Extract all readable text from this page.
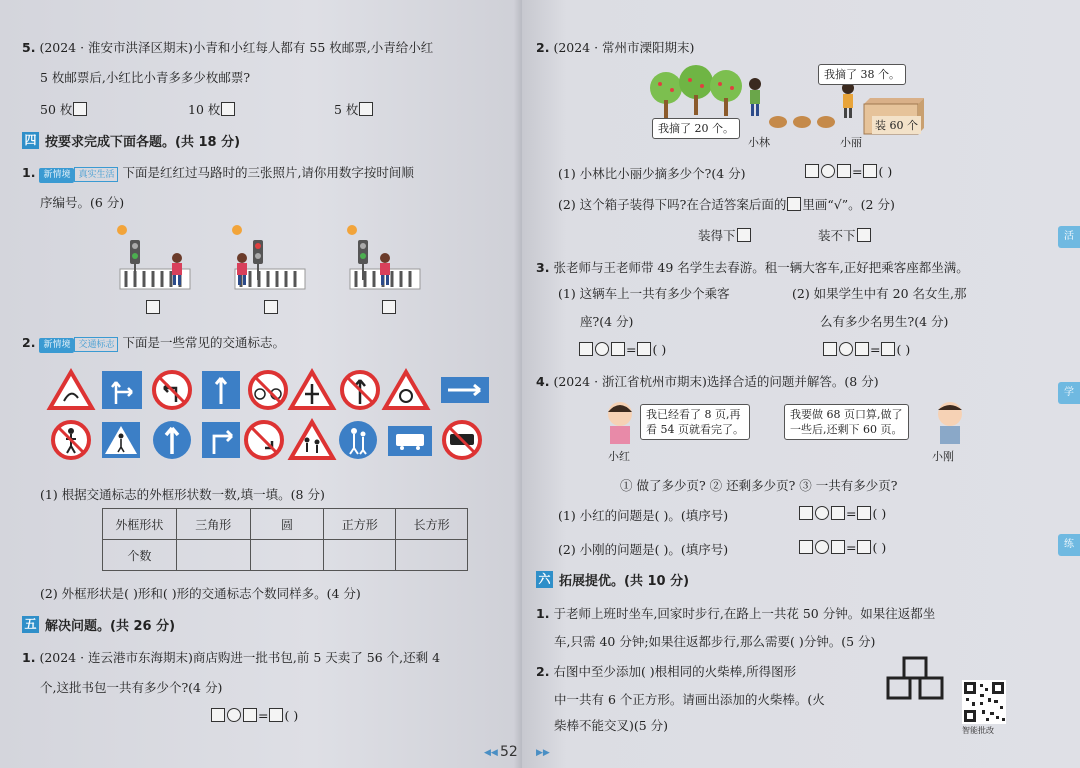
5. (2024 · 淮安市洪泽区期末)小青和小红每人都有 55 枚邮票,小青给小红
5 枚邮票后,小红比小青多多少枚邮票?
50 枚	10 枚	5 枚
四 按要求完成下面各题。(共 18 分)
1. 新情境 真实生活 下面是红红过马路时的三张照片,请你用数字按时间顺
序编号。(6 分)
2. 新情境 交通标志 下面是一些常见的交通标志。
(1) 根据交通标志的外框形状数一数,填一填。(8 分)
外框形状	三角形	圆	正方形	长方形
个数				
(2) 外框形状是( )形和( )形的交通标志个数同样多。(4 分)
五 解决问题。(共 26 分)
1. (2024 · 连云港市东海期末)商店购进一批书包,前 5 天卖了 56 个,还剩 4
个,这批书包一共有多少个?(4 分)
= ( )
2. (2024 · 常州市溧阳期末)
我摘了 20 个。
我摘了 38 个。
装 60 个
小林	小丽
(1) 小林比小丽少摘多少个?(4 分)	= ( )
(2) 这个箱子装得下吗?在合适答案后面的 里画“√”。(2 分)
装得下	装不下
3. 张老师与王老师带 49 名学生去春游。租一辆大客车,正好把乘客座都坐满。
(1) 这辆车上一共有多少个乘客
座?(4 分)
(2) 如果学生中有 20 名女生,那
么有多少名男生?(4 分)
= ( )	= ( )
4. (2024 · 浙江省杭州市期末)选择合适的问题并解答。(8 分)
小红
我已经看了 8 页,再
看 54 页就看完了。
我要做 68 页口算,做了
一些后,还剩下 60 页。
小刚
① 做了多少页? ② 还剩多少页? ③ 一共有多少页?
(1) 小红的问题是( )。(填序号)	= ( )
(2) 小刚的问题是( )。(填序号)	= ( )
六 拓展提优。(共 10 分)
1. 于老师上班时坐车,回家时步行,在路上一共花 50 分钟。如果往返都坐
车,只需 40 分钟;如果往返都步行,那么需要( )分钟。(5 分)
2. 右图中至少添加( )根相同的火柴棒,所得图形
中一共有 6 个正方形。请画出添加的火柴棒。(火
柴棒不能交叉)(5 分)	智能批改
活
学
练
◀◀ 52 ▶▶
